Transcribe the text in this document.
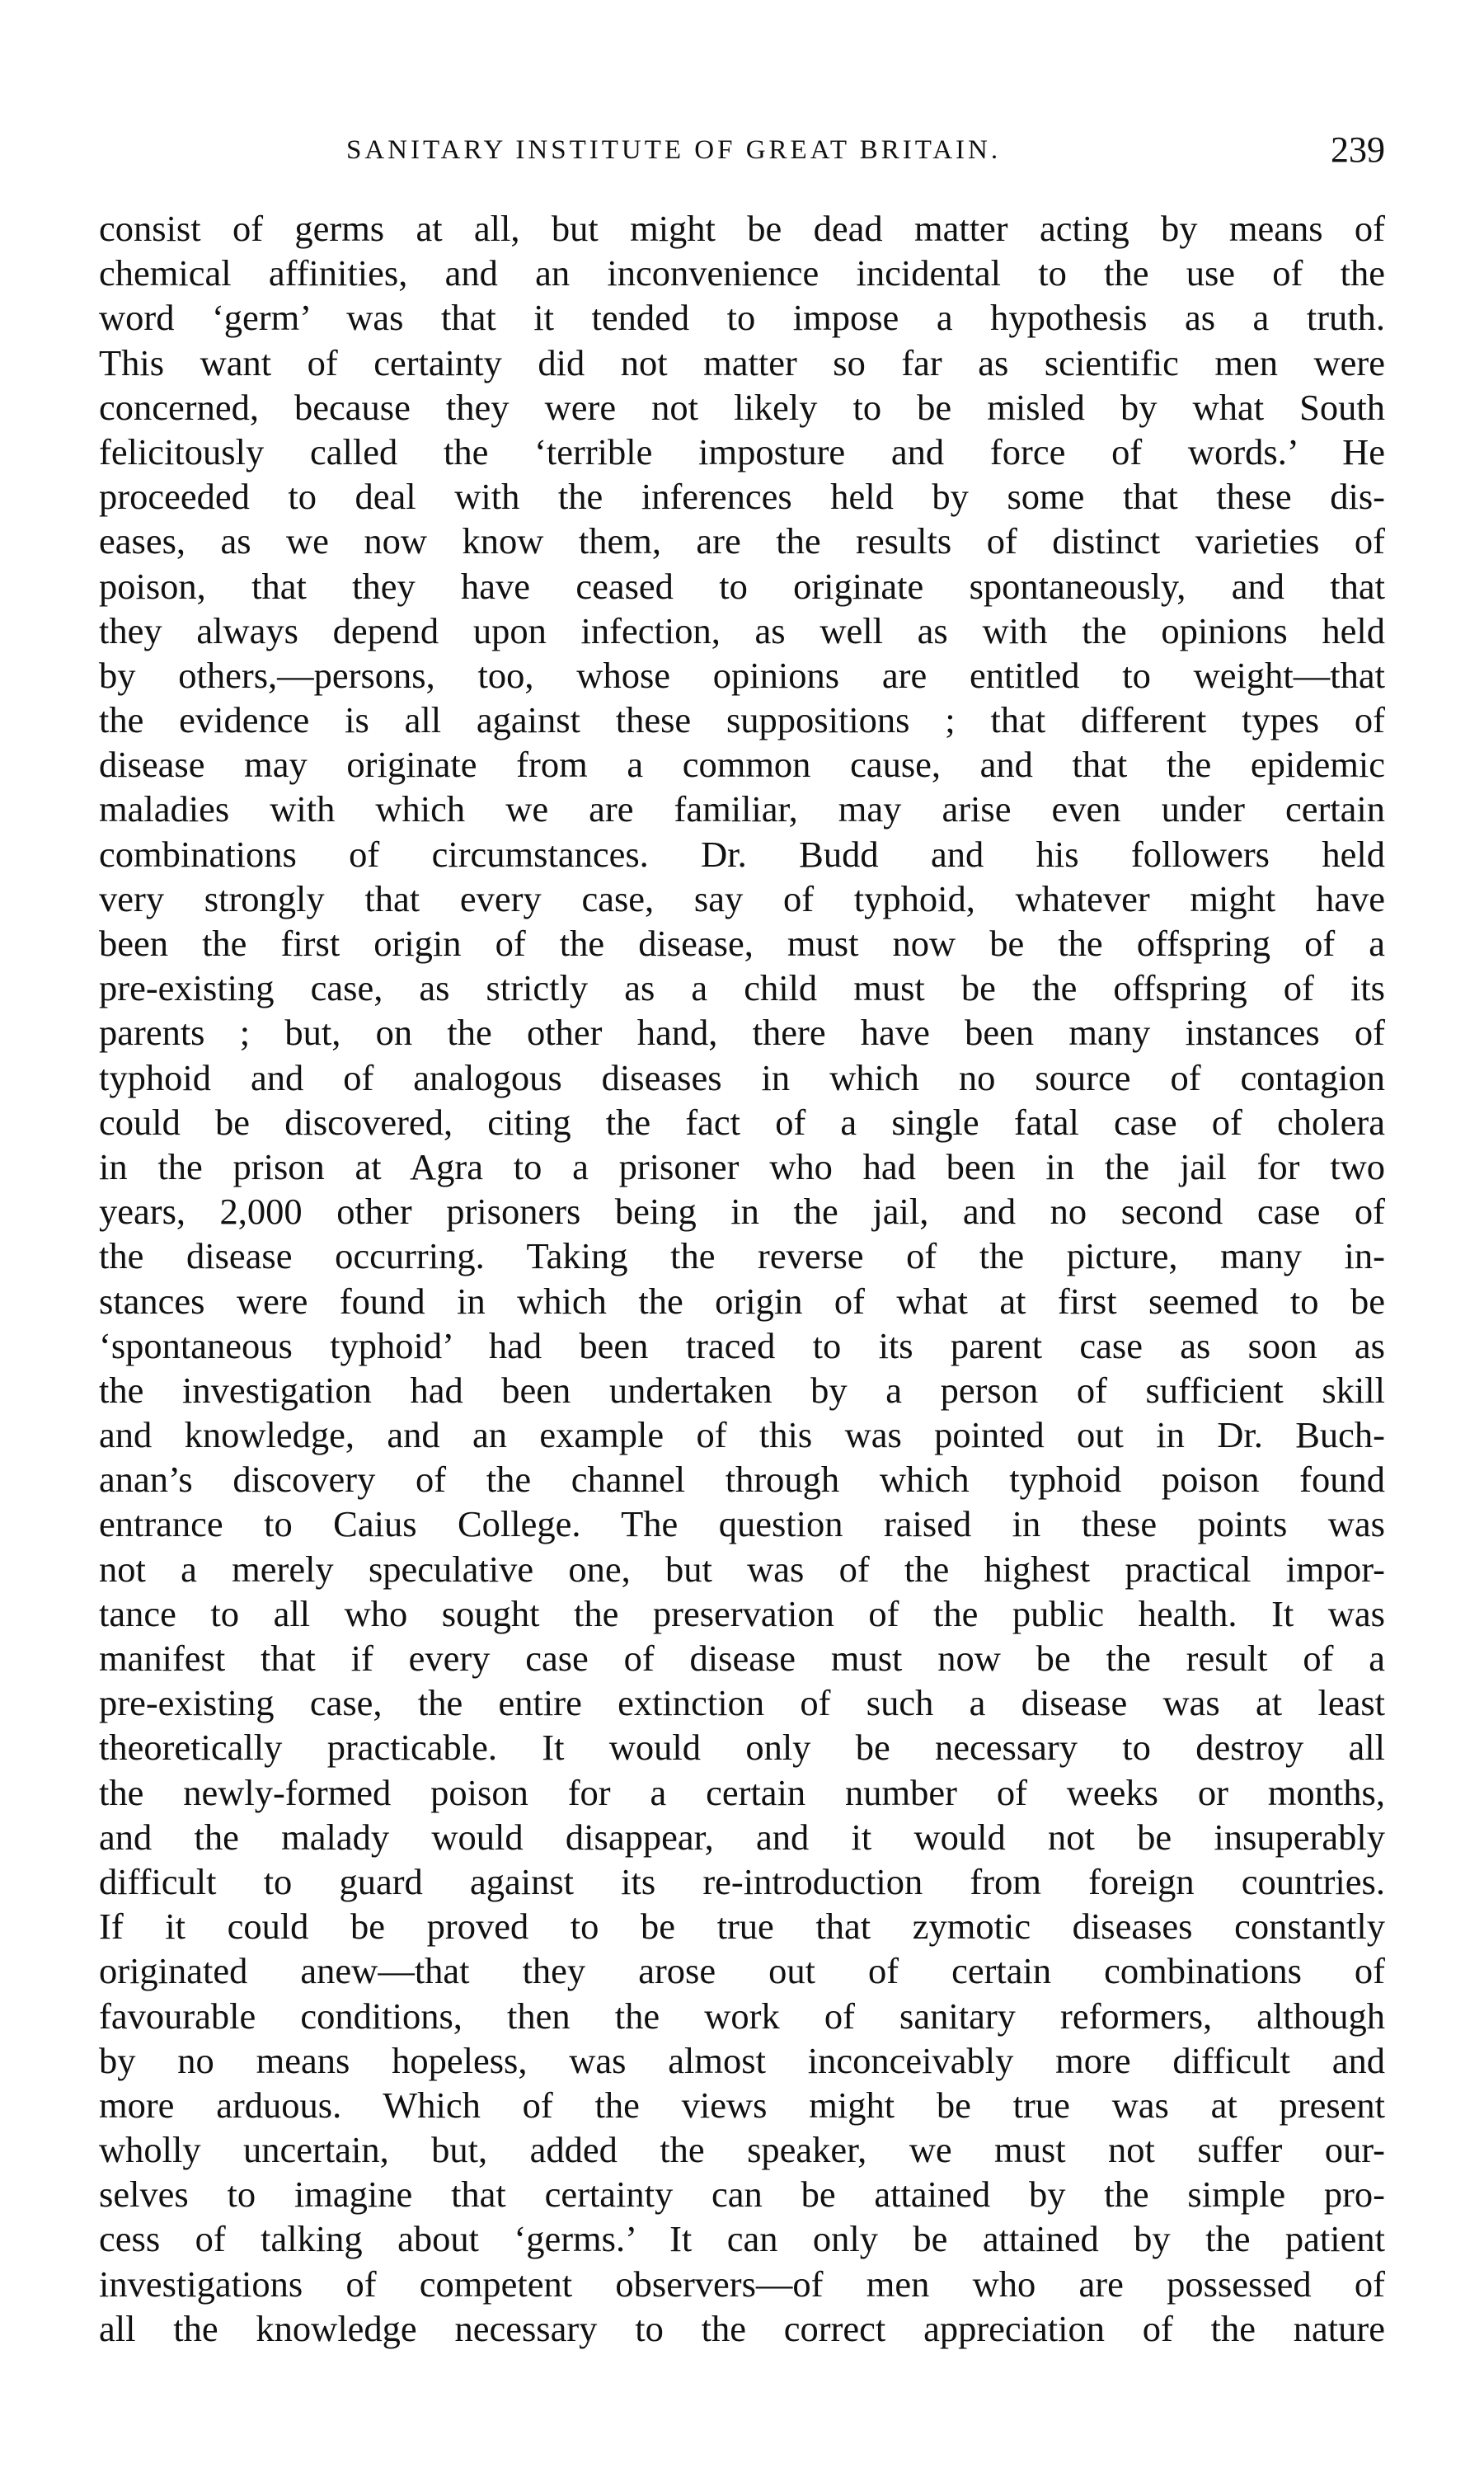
SANITARY INSTITUTE OF GREAT BRITAIN.	239
consist of germs at all, but might be dead matter acting by means of
chemical affinities, and an inconvenience incidental to the use of the
word ‘germ’ was that it tended to impose a hypothesis as a truth.
This want of certainty did not matter so far as scientific men were
concerned, because they were not likely to be misled by what South
felicitously called the ‘terrible imposture and force of words.’ He
proceeded to deal with the inferences held by some that these dis-
eases, as we now know them, are the results of distinct varieties of
poison, that they have ceased to originate spontaneously, and that
they always depend upon infection, as well as with the opinions held
by others,—persons, too, whose opinions are entitled to weight—that
the evidence is all against these suppositions ; that different types of
disease may originate from a common cause, and that the epidemic
maladies with which we are familiar, may arise even under certain
combinations of circumstances. Dr. Budd and his followers held
very strongly that every case, say of typhoid, whatever might have
been the first origin of the disease, must now be the offspring of a
pre-existing case, as strictly as a child must be the offspring of its
parents ; but, on the other hand, there have been many instances of
typhoid and of analogous diseases in which no source of contagion
could be discovered, citing the fact of a single fatal case of cholera
in the prison at Agra to a prisoner who had been in the jail for two
years, 2,000 other prisoners being in the jail, and no second case of
the disease occurring. Taking the reverse of the picture, many in-
stances were found in which the origin of what at first seemed to be
‘spontaneous typhoid’ had been traced to its parent case as soon as
the investigation had been undertaken by a person of sufficient skill
and knowledge, and an example of this was pointed out in Dr. Buch-
anan’s discovery of the channel through which typhoid poison found
entrance to Caius College. The question raised in these points was
not a merely speculative one, but was of the highest practical impor-
tance to all who sought the preservation of the public health. It was
manifest that if every case of disease must now be the result of a
pre-existing case, the entire extinction of such a disease was at least
theoretically practicable. It would only be necessary to destroy all
the newly-formed poison for a certain number of weeks or months,
and the malady would disappear, and it would not be insuperably
difficult to guard against its re-introduction from foreign countries.
If it could be proved to be true that zymotic diseases constantly
originated anew—that they arose out of certain combinations of
favourable conditions, then the work of sanitary reformers, although
by no means hopeless, was almost inconceivably more difficult and
more arduous. Which of the views might be true was at present
wholly uncertain, but, added the speaker, we must not suffer our-
selves to imagine that certainty can be attained by the simple pro-
cess of talking about ‘germs.’ It can only be attained by the patient
investigations of competent observers—of men who are possessed of
all the knowledge necessary to the correct appreciation of the nature
